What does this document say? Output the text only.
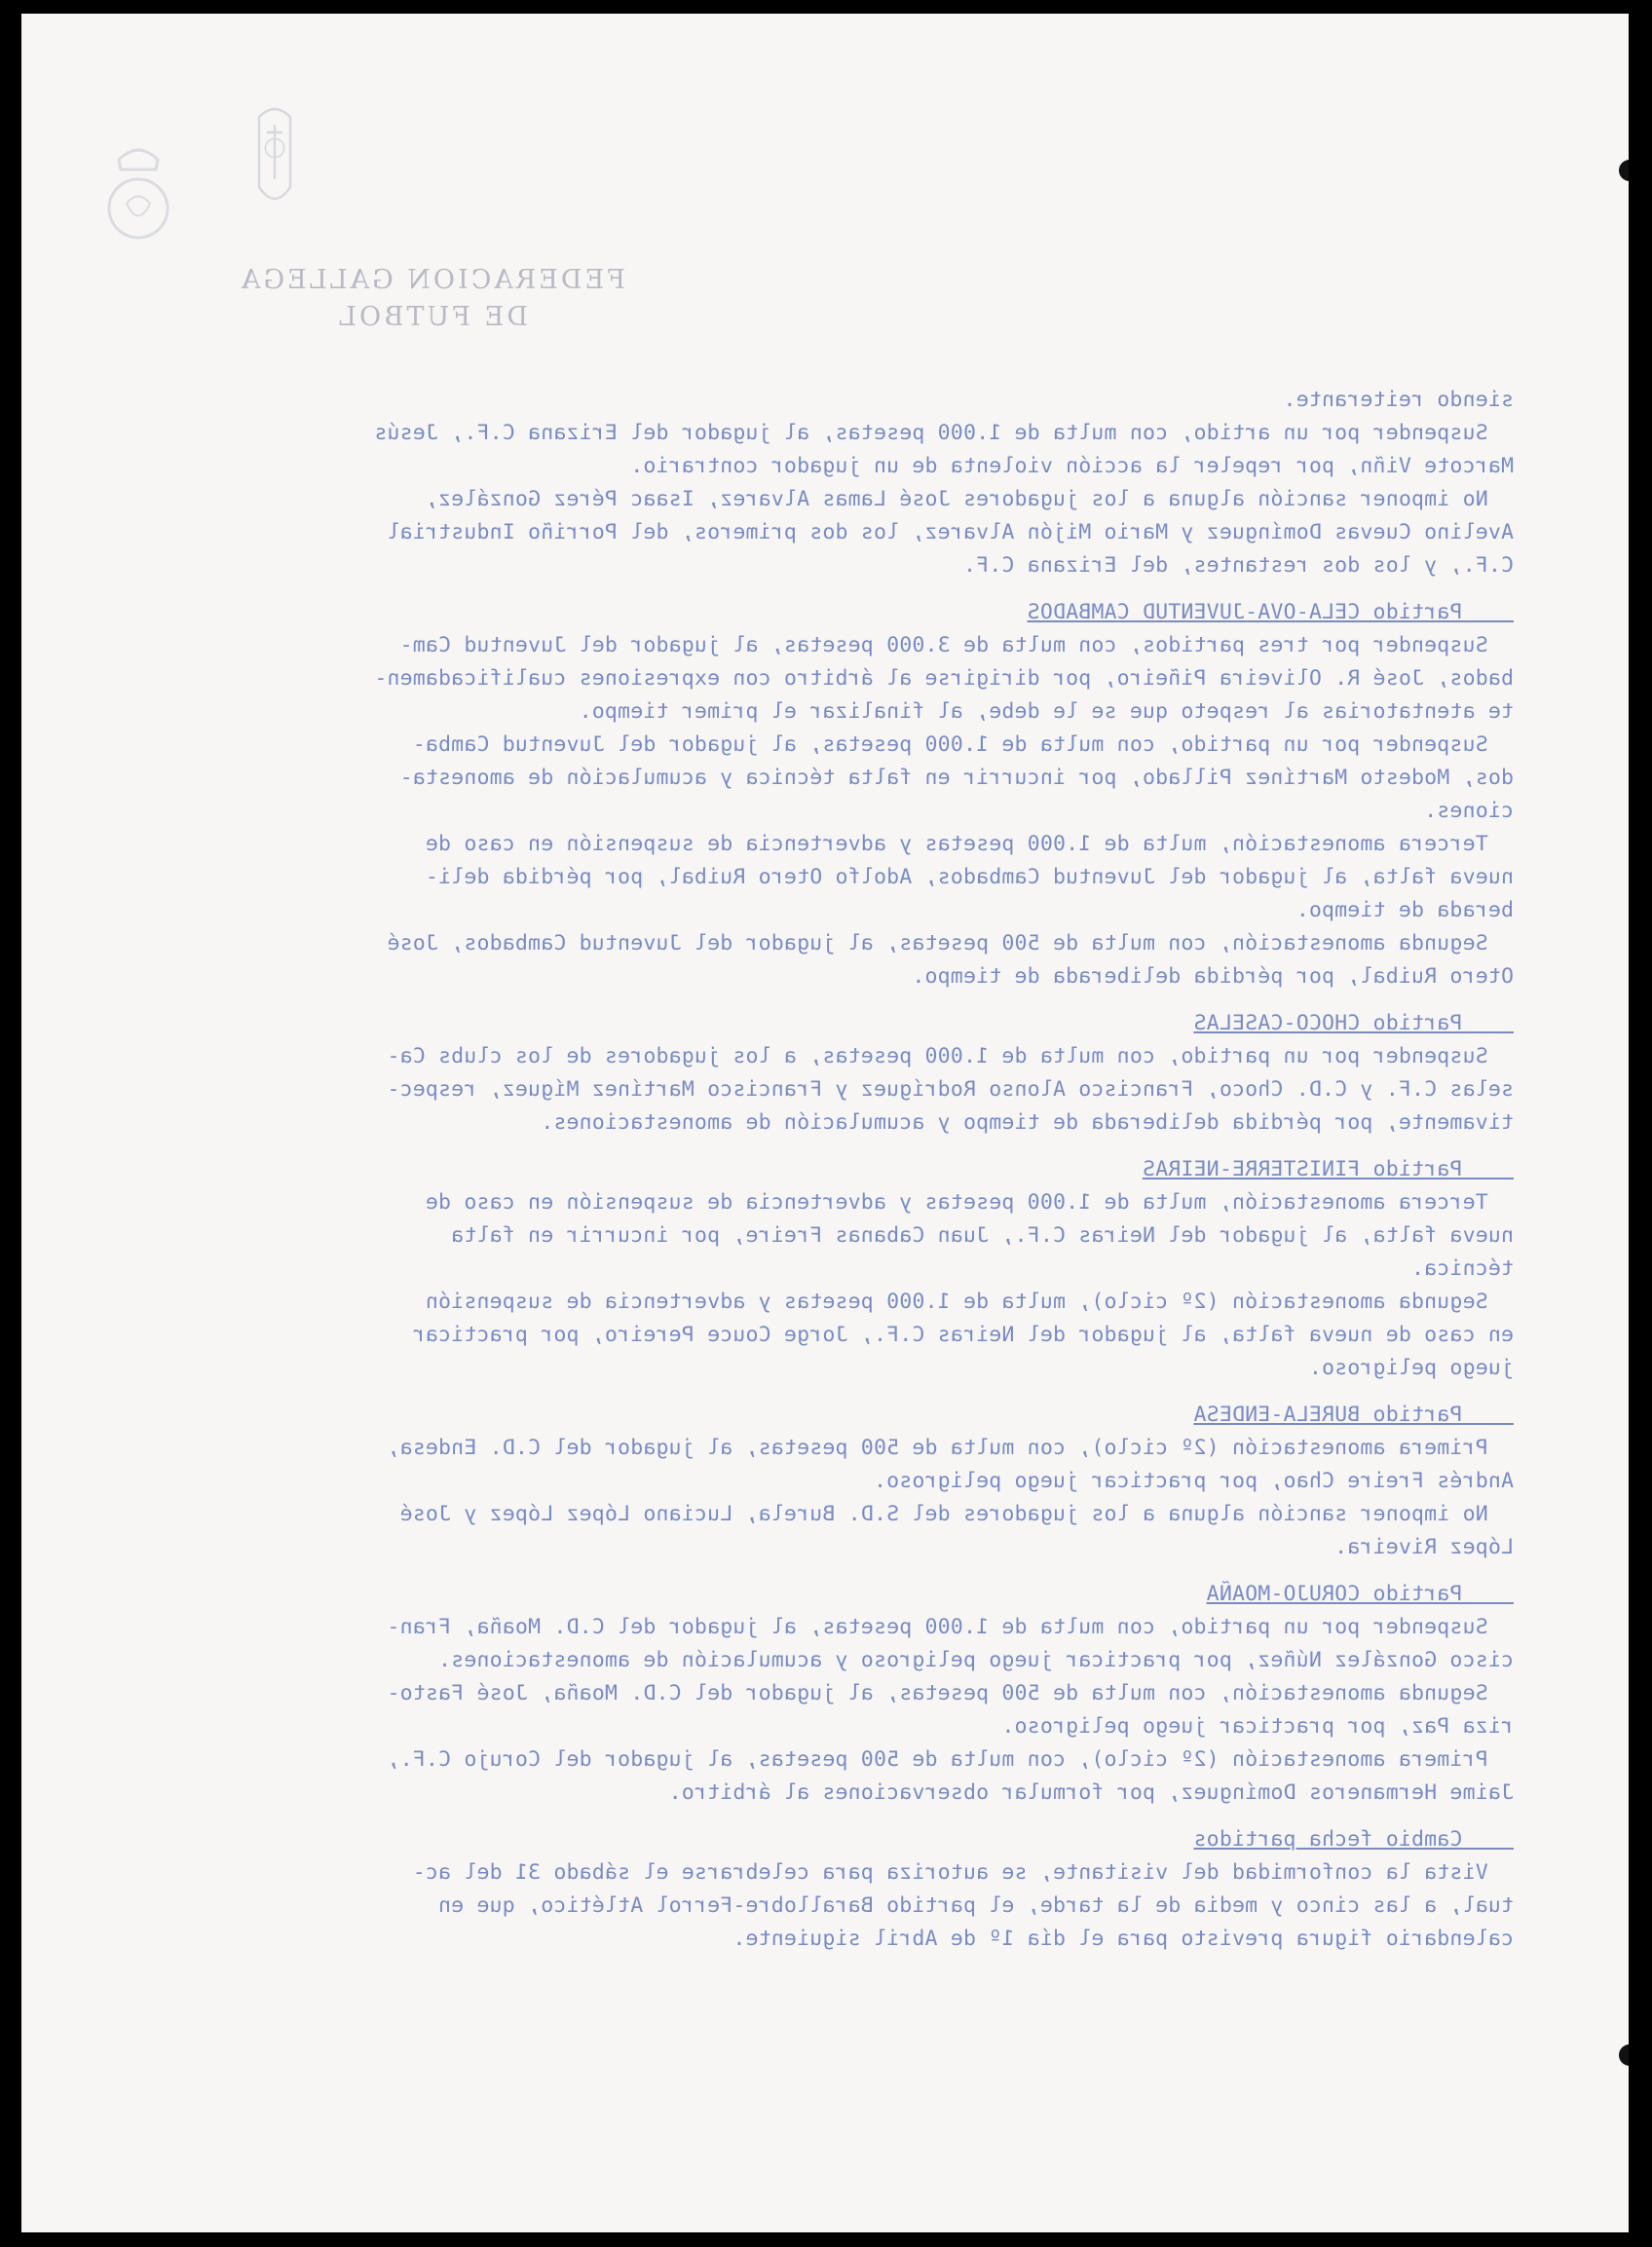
FEDERACION GALLEGA
DE FUTBOL
siendo reiterante.
Suspender por un artido, con multa de 1.000 pesetas, al jugador del Erizana C.F., Jesús
Marcote Viñn, por repeler la acción violenta de un jugador contrario.
No imponer sanción alguna a los jugadores José Lamas Alvarez, Isaac Pérez González,
Avelino Cuevas Domínguez y Mario Mijón Alvarez, los dos primeros, del Porriño Industrial
C.F., y los dos restantes, del Erizana C.F.
Partido CELA-OVA-JUVENTUD CAMBADOS
Suspender por tres partidos, con multa de 3.000 pesetas, al jugador del Juventud Cam-
bados, José R. Oliveira Piñeiro, por dirigirse al árbitro con expresiones cualificadamen-
te atentatorias al respeto que se le debe, al finalizar el primer tiempo.
Suspender por un partido, con multa de 1.000 pesetas, al jugador del Juventud Camba-
dos, Modesto Martínez Pillado, por incurrir en falta técnica y acumulación de amonesta-
ciones.
Tercera amonestación, multa de 1.000 pesetas y advertencia de suspensión en caso de
nueva falta, al jugador del Juventud Cambados, Adolfo Otero Ruibal, por pérdida deli-
berada de tiempo.
Segunda amonestación, con multa de 500 pesetas, al jugador del Juventud Cambados, José
Otero Ruibal, por pérdida deliberada de tiempo.
Partido CHOCO-CASELAS
Suspender por un partido, con multa de 1.000 pesetas, a los jugadores de los clubs Ca-
selas C.F. y C.D. Choco, Francisco Alonso Rodríguez y Francisco Martínez Míguez, respec-
tivamente, por pérdida deliberada de tiempo y acumulación de amonestaciones.
Partido FINISTERRE-NEIRAS
Tercera amonestación, multa de 1.000 pesetas y advertencia de suspensión en caso de
nueva falta, al jugador del Neiras C.F., Juan Cabanas Freire, por incurrir en falta
técnica.
Segunda amonestación (2º ciclo), multa de 1.000 pesetas y advertencia de suspensión
en caso de nueva falta, al jugador del Neiras C.F., Jorge Couce Pereiro, por practicar
juego peligroso.
Partido BURELA-ENDESA
Primera amonestación (2º ciclo), con multa de 500 pesetas, al jugador del C.D. Endesa,
Andrés Freire Chao, por practicar juego peligroso.
No imponer sanción alguna a los jugadores del S.D. Burela, Luciano López López y José
López Riveira.
Partido CORUJO-MOAÑA
Suspender por un partido, con multa de 1.000 pesetas, al jugador del C.D. Moaña, Fran-
cisco González Núñez, por practicar juego peligroso y acumulación de amonestaciones.
Segunda amonestación, con multa de 500 pesetas, al jugador del C.D. Moaña, José Fasto-
riza Paz, por practicar juego peligroso.
Primera amonestación (2º ciclo), con multa de 500 pesetas, al jugador del Corujo C.F.,
Jaime Hermaneros Domínguez, por formular observaciones al árbitro.
Cambio fecha partidos
Vista la conformidad del visitante, se autoriza para celebrarse el sábado 31 del ac-
tual, a las cinco y media de la tarde, el partido Barallobre-Ferrol Atlético, que en
calendario figura previsto para el día 1º de Abril siguiente.
